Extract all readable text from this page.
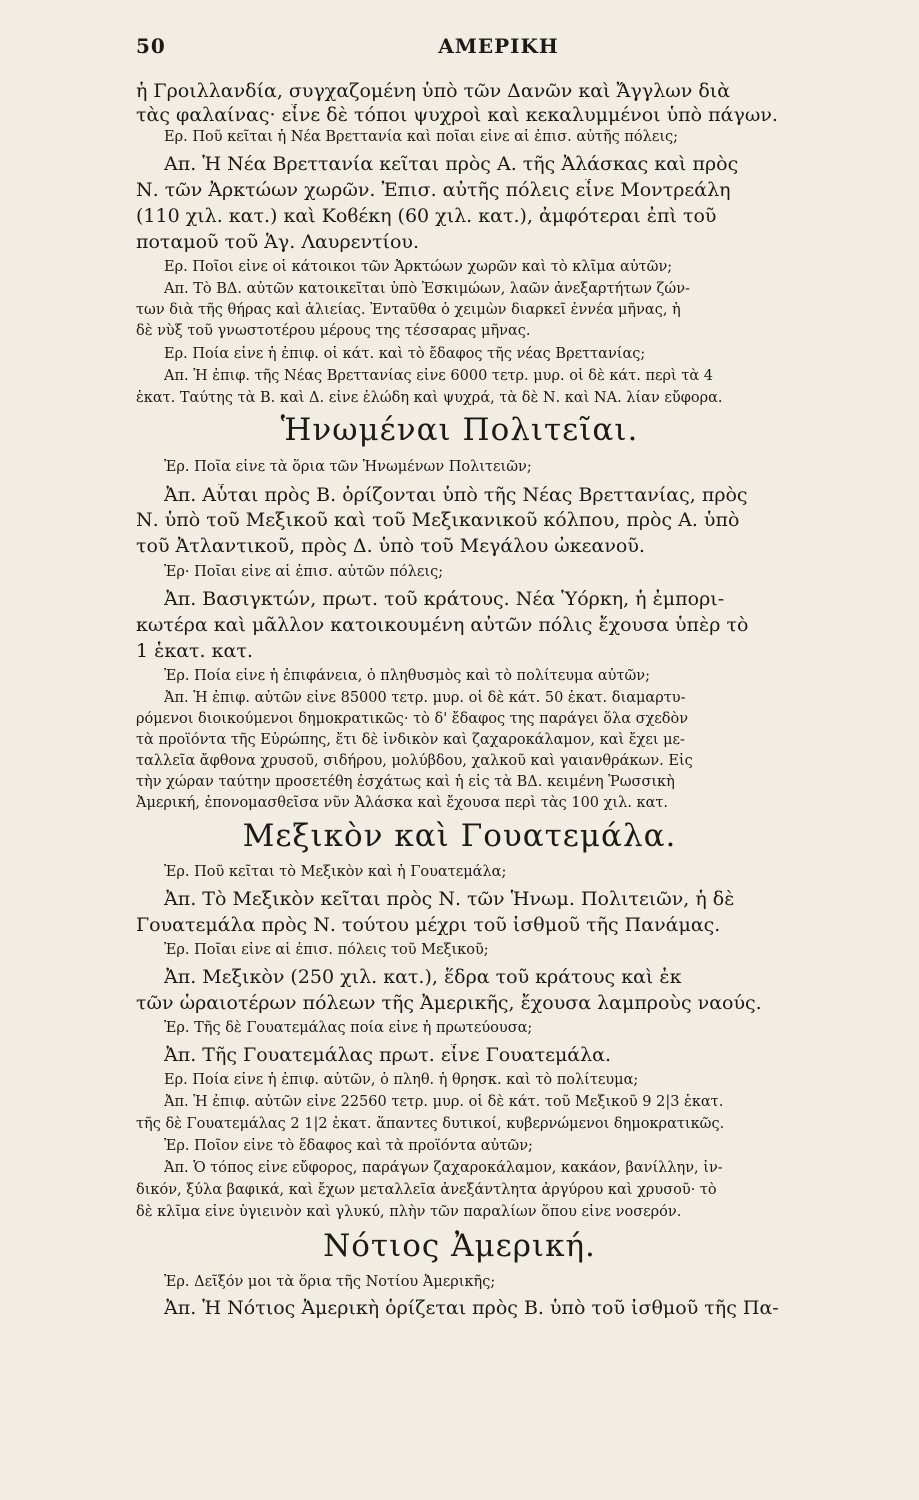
50	ΑΜΕΡΙΚΗ
ἡ Γροιλλανδία, συγχαζομένη ὑπὸ τῶν Δανῶν καὶ Ἄγγλων διὰ
τὰς φαλαίνας· εἶνε δὲ τόποι ψυχροὶ καὶ κεκαλυμμένοι ὑπὸ πάγων.
Ερ. Ποῦ κεῖται ἡ Νέα Βρεττανία καὶ ποῖαι εἶνε αἱ ἐπισ. αὐτῆς πόλεις;
Απ. Ἡ Νέα Βρεττανία κεῖται πρὸς Α. τῆς Ἀλάσκας καὶ πρὸς
Ν. τῶν Ἀρκτώων χωρῶν. Ἐπισ. αὐτῆς πόλεις εἶνε Μοντρεάλη
(110 χιλ. κατ.) καὶ Κοϐέκη (60 χιλ. κατ.), ἀμφότεραι ἐπὶ τοῦ
ποταμοῦ τοῦ Ἁγ. Λαυρεντίου.
Ερ. Ποῖοι εἶνε οἱ κάτοικοι τῶν Ἀρκτώων χωρῶν καὶ τὸ κλῖμα αὐτῶν;
Απ. Τὸ ΒΔ. αὐτῶν κατοικεῖται ὑπὸ Ἐσκιμώων, λαῶν ἀνεξαρτήτων ζών-
των διὰ τῆς θήρας καὶ ἁλιείας. Ἐνταῦθα ὁ χειμὼν διαρκεῖ ἐννέα μῆνας, ἡ
δὲ νὺξ τοῦ γνωστοτέρου μέρους της τέσσαρας μῆνας.
Ερ. Ποία εἶνε ἡ ἐπιφ. οἱ κάτ. καὶ τὸ ἔδαφος τῆς νέας Βρεττανίας;
Απ. Ἡ ἐπιφ. τῆς Νέας Βρεττανίας εἶνε 6000 τετρ. μυρ. οἱ δὲ κάτ. περὶ τὰ 4
ἑκατ. Ταύτης τὰ Β. καὶ Δ. εἶνε ἑλώδη καὶ ψυχρά, τὰ δὲ Ν. καὶ ΝΑ. λίαν εὔφορα.
Ἡνωμέναι Πολιτεῖαι.
Ἐρ. Ποῖα εἶνε τὰ ὅρια τῶν Ἡνωμένων Πολιτειῶν;
Ἀπ. Αὗται πρὸς Β. ὁρίζονται ὑπὸ τῆς Νέας Βρεττανίας, πρὸς
Ν. ὑπὸ τοῦ Μεξικοῦ καὶ τοῦ Μεξικανικοῦ κόλπου, πρὸς Α. ὑπὸ
τοῦ Ἀτλαντικοῦ, πρὸς Δ. ὑπὸ τοῦ Μεγάλου ὠκεανοῦ.
Ἐρ· Ποῖαι εἶνε αἱ ἐπισ. αὐτῶν πόλεις;
Ἀπ. Βασιγκτών, πρωτ. τοῦ κράτους. Νέα Ὑόρκη, ἡ ἐμπορι-
κωτέρα καὶ μᾶλλον κατοικουμένη αὐτῶν πόλις ἔχουσα ὑπὲρ τὸ
1 ἑκατ. κατ.
Ἐρ. Ποία εἶνε ἡ ἐπιφάνεια, ὁ πληθυσμὸς καὶ τὸ πολίτευμα αὐτῶν;
Ἀπ. Ἡ ἐπιφ. αὐτῶν εἶνε 85000 τετρ. μυρ. οἱ δὲ κάτ. 50 ἑκατ. διαμαρτυ-
ρόμενοι διοικούμενοι δημοκρατικῶς· τὸ δ' ἔδαφος της παράγει ὅλα σχεδὸν
τὰ προϊόντα τῆς Εὐρώπης, ἔτι δὲ ἰνδικὸν καὶ ζαχαροκάλαμον, καὶ ἔχει με-
ταλλεῖα ἄφθονα χρυσοῦ, σιδήρου, μολύβδου, χαλκοῦ καὶ γαιανθράκων. Εἰς
τὴν χώραν ταύτην προσετέθη ἐσχάτως καὶ ἡ εἰς τὰ ΒΔ. κειμένη Ῥωσσικὴ
Ἀμερική, ἐπονομασθεῖσα νῦν Ἀλάσκα καὶ ἔχουσα περὶ τὰς 100 χιλ. κατ.
Μεξικὸν καὶ Γουατεμάλα.
Ἐρ. Ποῦ κεῖται τὸ Μεξικὸν καὶ ἡ Γουατεμάλα;
Ἀπ. Τὸ Μεξικὸν κεῖται πρὸς Ν. τῶν Ἡνωμ. Πολιτειῶν, ἡ δὲ
Γουατεμάλα πρὸς Ν. τούτου μέχρι τοῦ ἰσθμοῦ τῆς Πανάμας.
Ἐρ. Ποῖαι εἶνε αἱ ἐπισ. πόλεις τοῦ Μεξικοῦ;
Ἀπ. Μεξικὸν (250 χιλ. κατ.), ἕδρα τοῦ κράτους καὶ ἐκ
τῶν ὡραιοτέρων πόλεων τῆς Ἀμερικῆς, ἔχουσα λαμπροὺς ναούς.
Ἐρ. Τῆς δὲ Γουατεμάλας ποία εἶνε ἡ πρωτεύουσα;
Ἀπ. Τῆς Γουατεμάλας πρωτ. εἶνε Γουατεμάλα.
Ερ. Ποία εἶνε ἡ ἐπιφ. αὐτῶν, ὁ πληθ. ἡ θρησκ. καὶ τὸ πολίτευμα;
Ἀπ. Ἡ ἐπιφ. αὐτῶν εἶνε 22560 τετρ. μυρ. οἱ δὲ κάτ. τοῦ Μεξικοῦ 9 2|3 ἑκατ.
τῆς δὲ Γουατεμάλας 2 1|2 ἑκατ. ἅπαντες δυτικοί, κυβερνώμενοι δημοκρατικῶς.
Ἐρ. Ποῖον εἶνε τὸ ἔδαφος καὶ τὰ προϊόντα αὐτῶν;
Ἀπ. Ὁ τόπος εἶνε εὔφορος, παράγων ζαχαροκάλαμον, κακάον, βανίλλην, ἰν-
δικόν, ξύλα βαφικά, καὶ ἔχων μεταλλεῖα ἀνεξάντλητα ἀργύρου καὶ χρυσοῦ· τὸ
δὲ κλῖμα εἶνε ὑγιεινὸν καὶ γλυκύ, πλὴν τῶν παραλίων ὅπου εἶνε νοσερόν.
Νότιος Ἀμερική.
Ἐρ. Δεῖξόν μοι τὰ ὅρια τῆς Νοτίου Ἀμερικῆς;
Ἀπ. Ἡ Νότιος Ἀμερικὴ ὁρίζεται πρὸς Β. ὑπὸ τοῦ ἰσθμοῦ τῆς Πα-
